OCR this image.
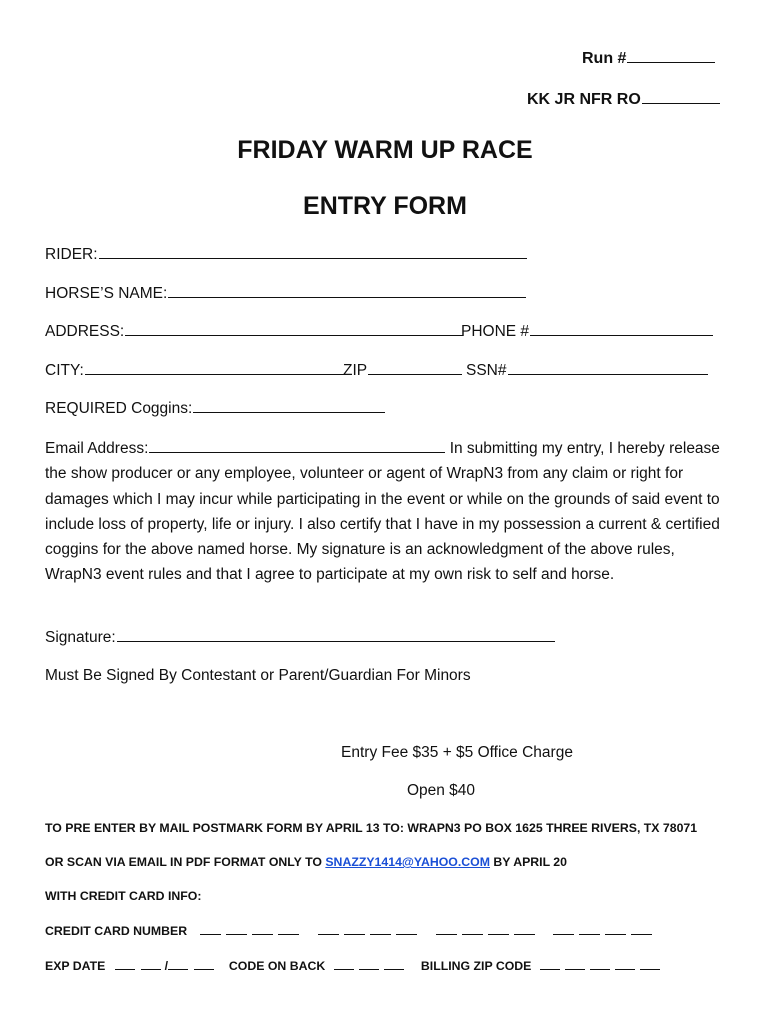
Run #
KK JR NFR RO
FRIDAY WARM UP RACE
ENTRY FORM
RIDER:
HORSE’S NAME:
ADDRESS:	PHONE #
CITY:	ZIP	SSN#
REQUIRED Coggins:
Email Address:	In submitting my entry, I hereby release the show producer or any employee, volunteer or agent of WrapN3 from any claim or right for damages which I may incur while participating in the event or while on the grounds of said event to include loss of property, life or injury. I also certify that I have in my possession a current & certified coggins for the above named horse. My signature is an acknowledgment of the above rules, WrapN3 event rules and that I agree to participate at my own risk to self and horse.
Signature:
Must Be Signed By Contestant or Parent/Guardian For Minors
Entry Fee $35 + $5 Office Charge
Open $40
TO PRE ENTER BY MAIL POSTMARK FORM BY APRIL 13 TO: WRAPN3 PO BOX 1625 THREE RIVERS, TX 78071
OR SCAN VIA EMAIL IN PDF FORMAT ONLY TO SNAZZY1414@YAHOO.COM BY APRIL 20
WITH CREDIT CARD INFO:
CREDIT CARD NUMBER
EXP DATE	/	CODE ON BACK	BILLING ZIP CODE
